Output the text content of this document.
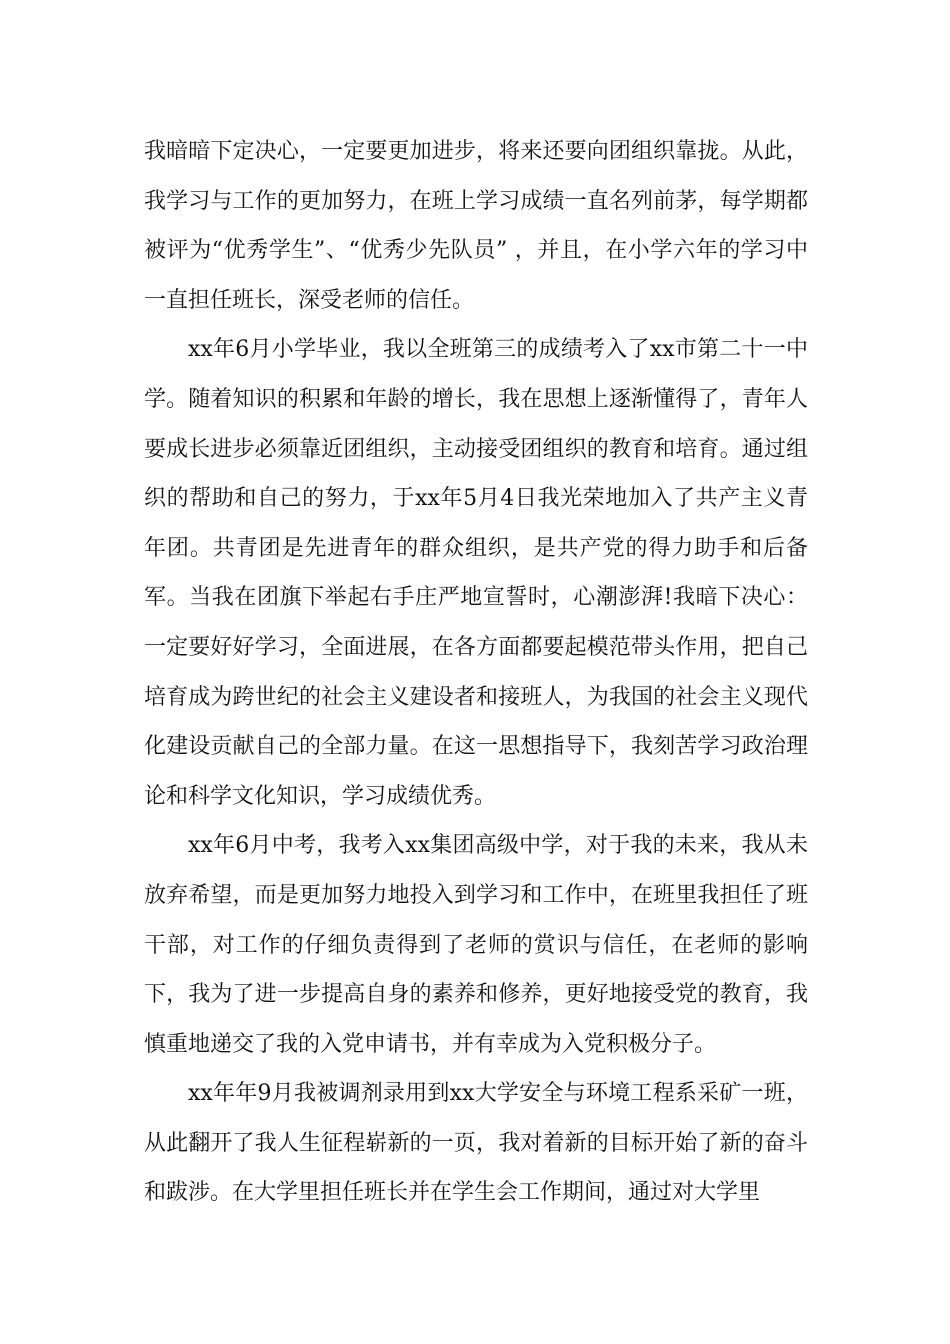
我暗暗下定决心，一定要更加进步，将来还要向团组织靠拢。从此，我学习与工作的更加努力，在班上学习成绩一直名列前茅，每学期都被评为“优秀学生”、“优秀少先队员” ，并且，在小学六年的学习中一直担任班长，深受老师的信任。

xx年6月小学毕业，我以全班第三的成绩考入了xx市第二十一中学。随着知识的积累和年龄的增长，我在思想上逐渐懂得了，青年人要成长进步必须靠近团组织，主动接受团组织的教育和培育。通过组织的帮助和自己的努力，于xx年5月4日我光荣地加入了共产主义青年团。共青团是先进青年的群众组织，是共产党的得力助手和后备军。当我在团旗下举起右手庄严地宣誓时，心潮澎湃!我暗下决心：一定要好好学习，全面进展，在各方面都要起模范带头作用，把自己培育成为跨世纪的社会主义建设者和接班人，为我国的社会主义现代化建设贡献自己的全部力量。在这一思想指导下，我刻苦学习政治理论和科学文化知识，学习成绩优秀。

xx年6月中考，我考入xx集团高级中学，对于我的未来，我从未放弃希望，而是更加努力地投入到学习和工作中，在班里我担任了班干部，对工作的仔细负责得到了老师的赏识与信任，在老师的影响下，我为了进一步提高自身的素养和修养，更好地接受党的教育，我慎重地递交了我的入党申请书，并有幸成为入党积极分子。

xx年年9月我被调剂录用到xx大学安全与环境工程系采矿一班，从此翻开了我人生征程崭新的一页，我对着新的目标开始了新的奋斗和跋涉。在大学里担任班长并在学生会工作期间，通过对大学里
